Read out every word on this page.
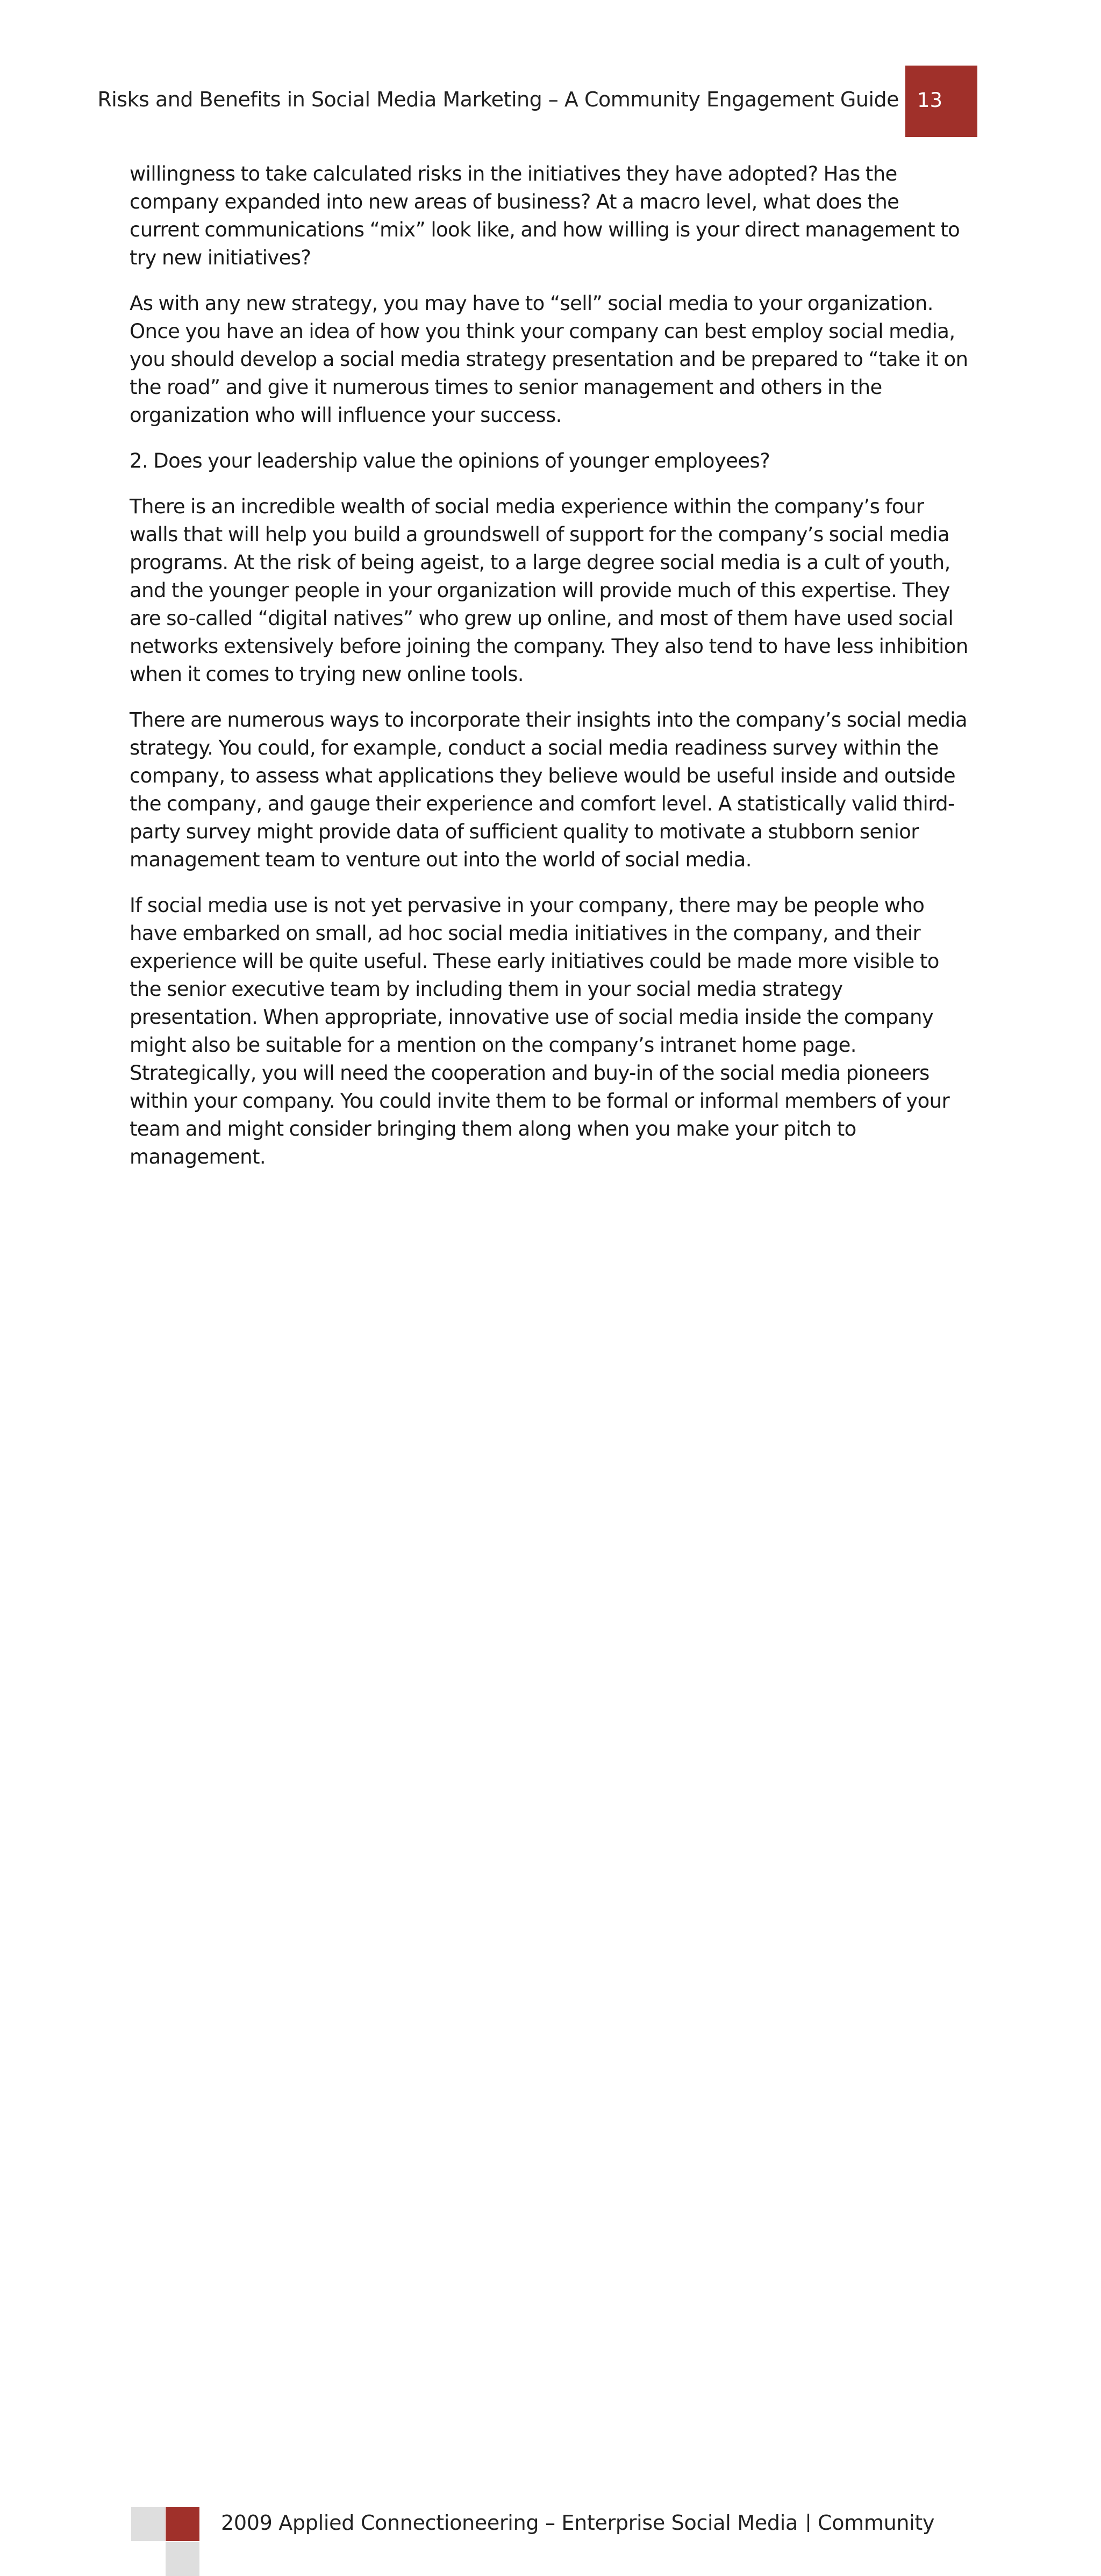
Risks and Benefits in Social Media Marketing – A Community Engagement Guide 13

willingness to take calculated risks in the initiatives they have adopted? Has the company expanded into new areas of business? At a macro level, what does the current communications “mix” look like, and how willing is your direct management to try new initiatives?

As with any new strategy, you may have to “sell” social media to your organization. Once you have an idea of how you think your company can best employ social media, you should develop a social media strategy presentation and be prepared to “take it on the road” and give it numerous times to senior management and others in the organization who will influence your success.

2. Does your leadership value the opinions of younger employees?

There is an incredible wealth of social media experience within the company’s four walls that will help you build a groundswell of support for the company’s social media programs. At the risk of being ageist, to a large degree social media is a cult of youth, and the younger people in your organization will provide much of this expertise. They are so-called “digital natives” who grew up online, and most of them have used social networks extensively before joining the company. They also tend to have less inhibition when it comes to trying new online tools.

There are numerous ways to incorporate their insights into the company’s social media strategy. You could, for example, conduct a social media readiness survey within the company, to assess what applications they believe would be useful inside and outside the company, and gauge their experience and comfort level. A statistically valid third-party survey might provide data of sufficient quality to motivate a stubborn senior management team to venture out into the world of social media.

If social media use is not yet pervasive in your company, there may be people who have embarked on small, ad hoc social media initiatives in the company, and their experience will be quite useful. These early initiatives could be made more visible to the senior executive team by including them in your social media strategy presentation. When appropriate, innovative use of social media inside the company might also be suitable for a mention on the company’s intranet home page. Strategically, you will need the cooperation and buy-in of the social media pioneers within your company. You could invite them to be formal or informal members of your team and might consider bringing them along when you make your pitch to management.

2009 Applied Connectioneering – Enterprise Social Media Community
